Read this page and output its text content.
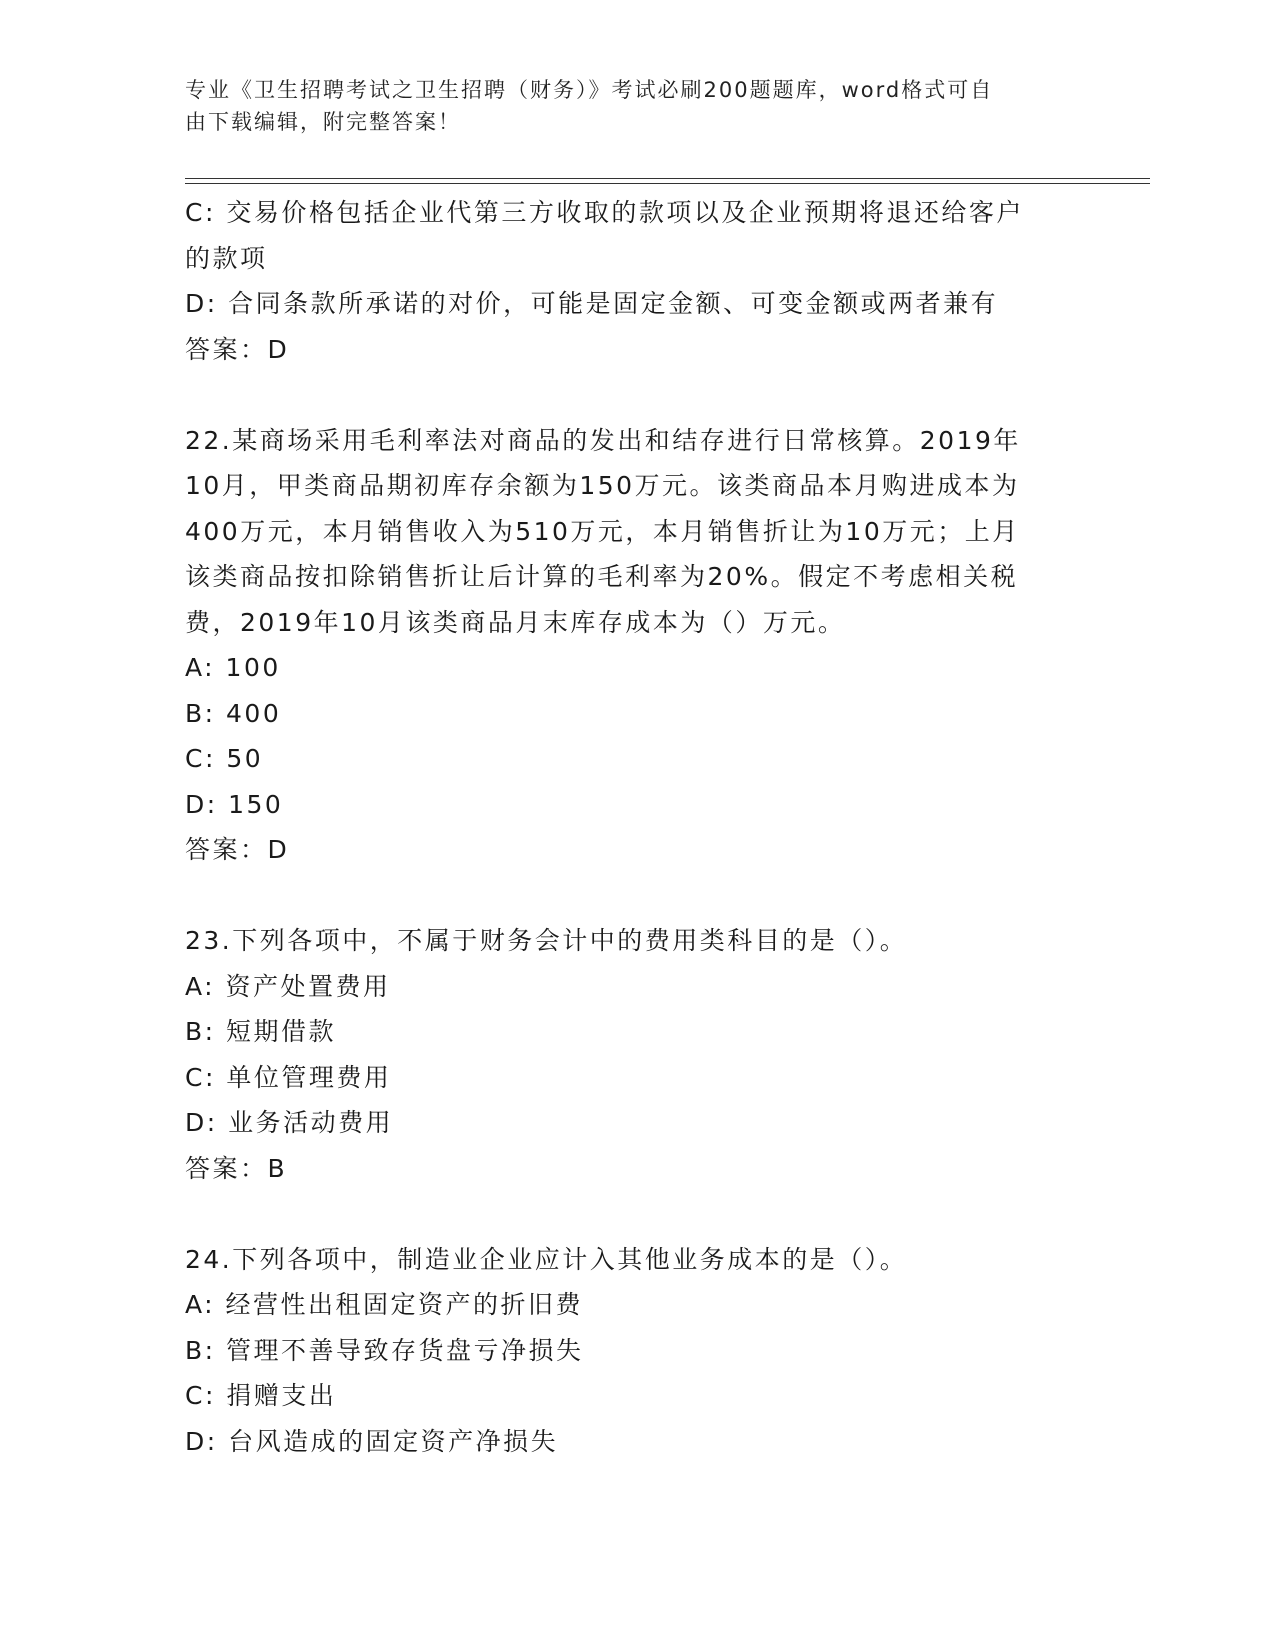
专业《卫生招聘考试之卫生招聘（财务）》考试必刷200题题库，word格式可自
由下载编辑，附完整答案！
C: 交易价格包括企业代第三方收取的款项以及企业预期将退还给客户
的款项
D: 合同条款所承诺的对价，可能是固定金额、可变金额或两者兼有
答案：D
22.某商场采用毛利率法对商品的发出和结存进行日常核算。2019年
10月，甲类商品期初库存余额为150万元。该类商品本月购进成本为
400万元，本月销售收入为510万元，本月销售折让为10万元；上月
该类商品按扣除销售折让后计算的毛利率为20%。假定不考虑相关税
费，2019年10月该类商品月末库存成本为（）万元。
A: 100
B: 400
C: 50
D: 150
答案：D
23.下列各项中，不属于财务会计中的费用类科目的是（）。
A: 资产处置费用
B: 短期借款
C: 单位管理费用
D: 业务活动费用
答案：B
24.下列各项中，制造业企业应计入其他业务成本的是（）。
A: 经营性出租固定资产的折旧费
B: 管理不善导致存货盘亏净损失
C: 捐赠支出
D: 台风造成的固定资产净损失
